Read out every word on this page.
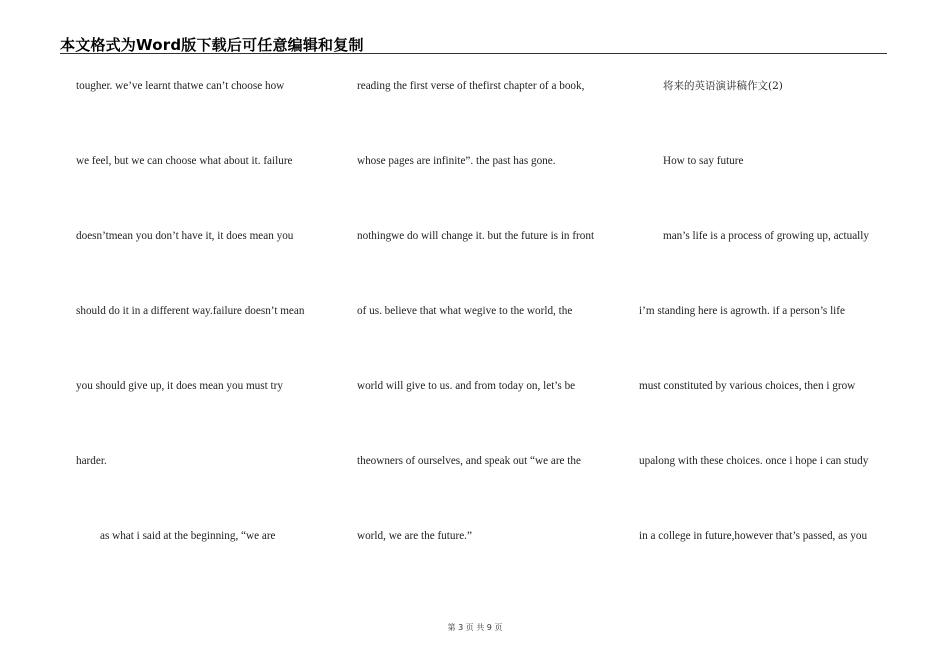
本文格式为Word版下载后可任意编辑和复制
tougher. we’ve learnt thatwe can’t choose how
we feel, but we can choose what about it. failure
doesn’tmean you don’t have it, it does mean you
should do it in a different way.failure doesn’t mean
you should give up, it does mean you must try
harder.
as what i said at the beginning, “we are
reading the first verse of thefirst chapter of a book,
whose pages are infinite”. the past has gone.
nothingwe do will change it. but the future is in front
of us. believe that what wegive to the world, the
world will give to us. and from today on, let’s be
theowners of ourselves, and speak out “we are the
world, we are the future.”
将来的英语演讲稿作文(2)
How to say future
man’s life is a process of growing up, actually
i’m standing here is agrowth. if a person’s life
must constituted by various choices, then i grow
upalong with these choices. once i hope i can study
in a college in future,however that’s passed, as you
第 3 页 共 9 页
